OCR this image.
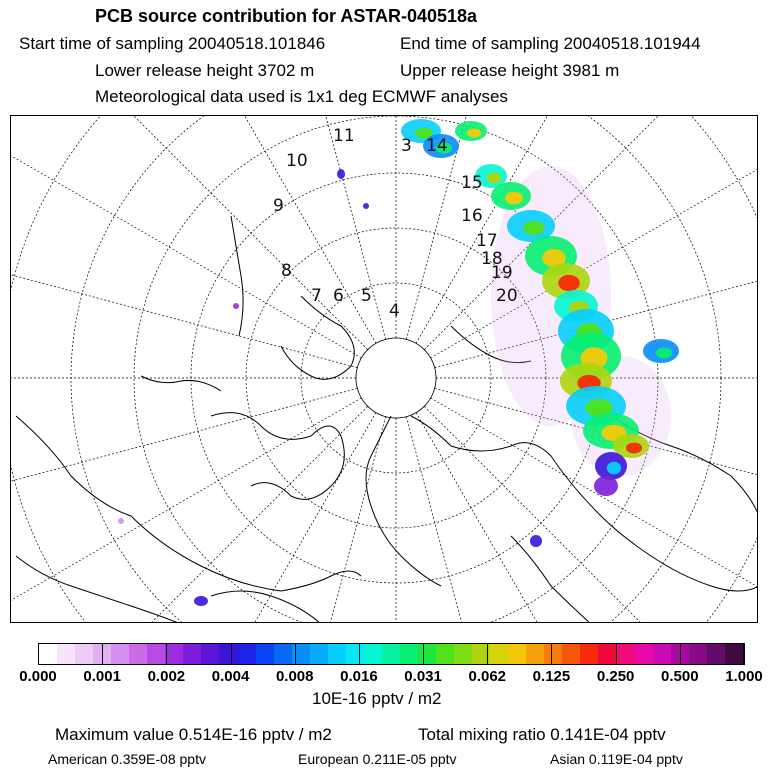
PCB source contribution for ASTAR-040518a
Start time of sampling 20040518.101846	End time of sampling 20040518.101944
Lower release height 3702 m	Upper release height 3981 m
Meteorological data used is 1x1 deg ECMWF analyses
4
5
6
7
8
9
10
11	3 14
15
16
17
18
19
20
0.000 0.001 0.002 0.004 0.008 0.016 0.031 0.062 0.125 0.250 0.500 1.000
10E-16 pptv / m2
Maximum value 0.514E-16 pptv / m2	Total mixing ratio 0.141E-04 pptv
American 0.359E-08 pptv	European 0.211E-05 pptv	Asian 0.119E-04 pptv
